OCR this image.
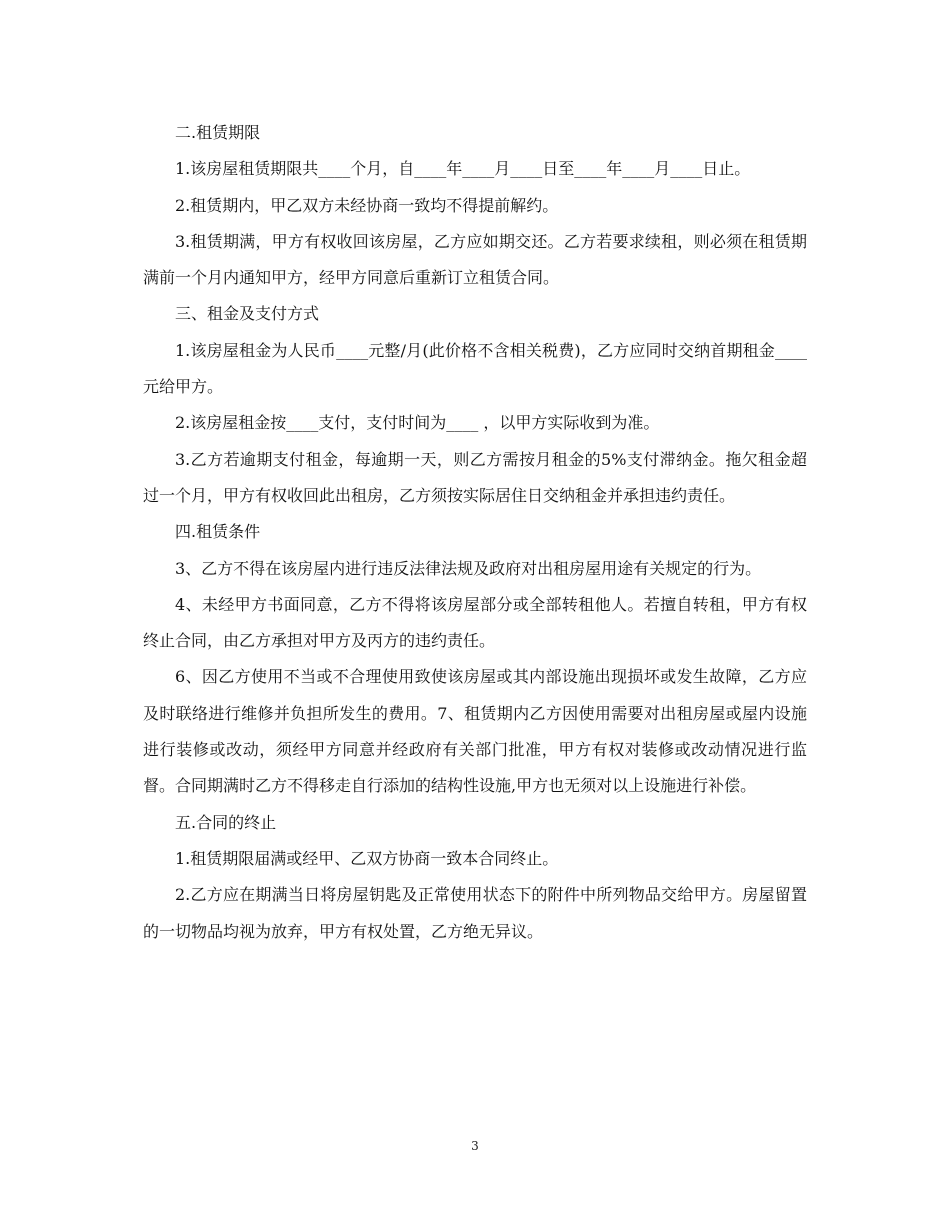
二.租赁期限

1.该房屋租赁期限共____个月，自____年____月____日至____年____月____日止。

2.租赁期内，甲乙双方未经协商一致均不得提前解约。

3.租赁期满，甲方有权收回该房屋，乙方应如期交还。乙方若要求续租，则必须在租赁期满前一个月内通知甲方，经甲方同意后重新订立租赁合同。

三、租金及支付方式

1.该房屋租金为人民币____元整/月(此价格不含相关税费)，乙方应同时交纳首期租金____元给甲方。

2.该房屋租金按____支付，支付时间为____ ，以甲方实际收到为准。

3.乙方若逾期支付租金，每逾期一天，则乙方需按月租金的5%支付滞纳金。拖欠租金超过一个月，甲方有权收回此出租房，乙方须按实际居住日交纳租金并承担违约责任。

四.租赁条件

3、乙方不得在该房屋内进行违反法律法规及政府对出租房屋用途有关规定的行为。

4、未经甲方书面同意，乙方不得将该房屋部分或全部转租他人。若擅自转租，甲方有权终止合同，由乙方承担对甲方及丙方的违约责任。

6、因乙方使用不当或不合理使用致使该房屋或其内部设施出现损坏或发生故障，乙方应及时联络进行维修并负担所发生的费用。7、租赁期内乙方因使用需要对出租房屋或屋内设施进行装修或改动，须经甲方同意并经政府有关部门批准，甲方有权对装修或改动情况进行监督。合同期满时乙方不得移走自行添加的结构性设施,甲方也无须对以上设施进行补偿。

五.合同的终止

1.租赁期限届满或经甲、乙双方协商一致本合同终止。

2.乙方应在期满当日将房屋钥匙及正常使用状态下的附件中所列物品交给甲方。房屋留置的一切物品均视为放弃，甲方有权处置，乙方绝无异议。

3
